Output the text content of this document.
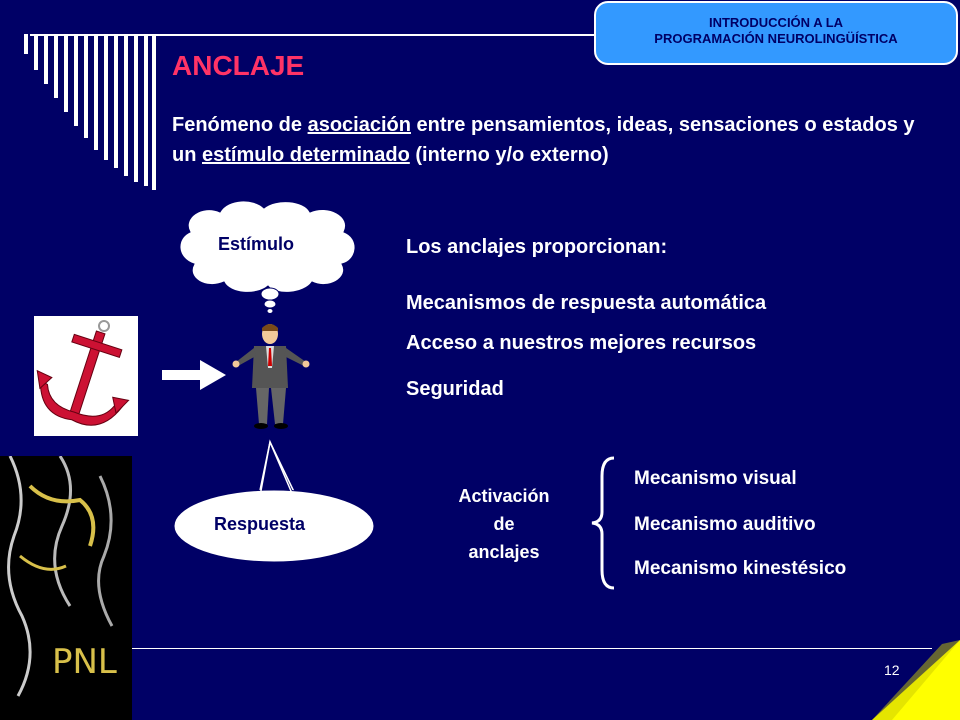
INTRODUCCIÓN A LA
PROGRAMACIÓN NEUROLINGÜÍSTICA
ANCLAJE
Fenómeno de asociación entre pensamientos, ideas, sensaciones o estados y un estímulo determinado (interno y/o externo)
Estímulo
Respuesta
Los anclajes proporcionan:
Mecanismos de respuesta automática
Acceso a nuestros mejores recursos
Seguridad
Activación
de
anclajes
Mecanismo visual
Mecanismo auditivo
Mecanismo kinestésico
PNL	12
